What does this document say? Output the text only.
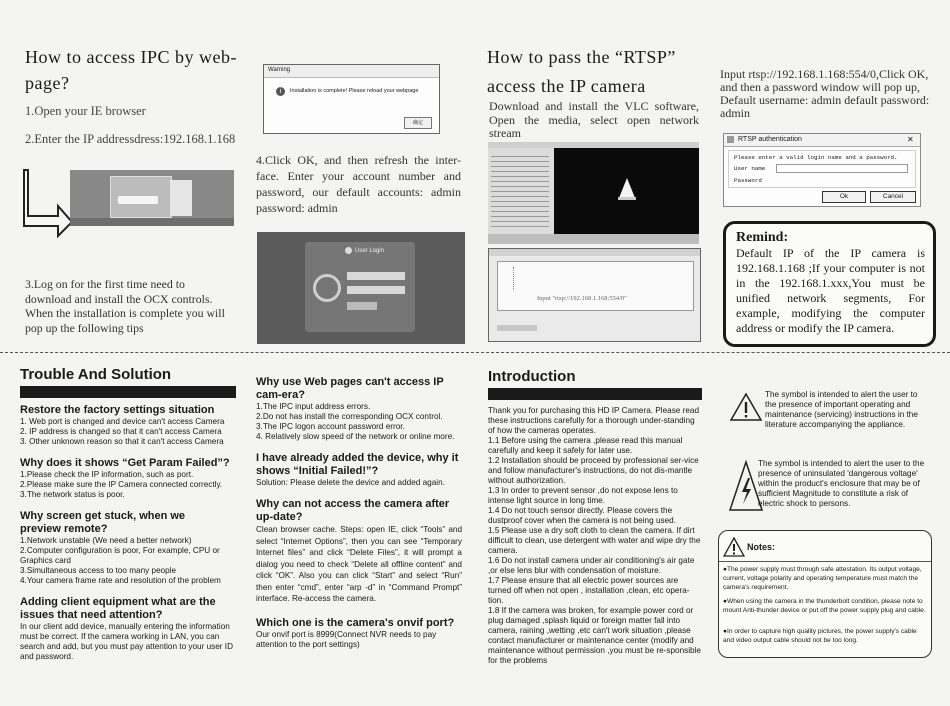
How to access IPC by web-
page?
1.Open your IE browser
2.Enter the IP addressdress:192.168.1.168
3.Log on for the first time need to download and install the OCX controls. When the installation is complete you will pop up the following tips
Warning
i	Installation is complete! Please reload your webpage
确定
4.Click OK, and then refresh the inter-face. Enter your account number and password, our default accounts: admin password: admin
User Login
How to pass the “RTSP”
access the IP camera
Download and install the VLC software, Open the media, select open network stream
Input "rtsp://192.168.1.168:554/0"
Input rtsp://192.168.1.168:554/0,Click OK, and then a password window will pop up, Default username: admin default password: admin
RTSP authentication	✕
Please enter a valid login name and a password.
User name
Password
Ok	Cancel
Remind:
Default IP of the IP camera is 192.168.1.168 ;If your computer is not in the 192.168.1.xxx,You must be unified network segments, For example, modifying the computer address or modify the IP camera.
Trouble And Solution
Restore the factory settings situation
1. Web port is changed and device can't access Camera
2. IP address is changed so that it can't access Camera
3. Other unknown reason so that it can't access Camera
Why does it shows “Get Param Failed”?
1.Please check the IP information, such as port.
2.Please make sure the IP Camera connected correctly.
3.The network status is poor.
Why screen get stuck, when we preview remote?
1.Network unstable (We need a better network)
2.Computer configuration is poor, For example, CPU or Graphics card
3.Simultaneous access to too many people
4.Your camera frame rate and resolution of the problem
Adding client equipment what are the issues that need attention?
In our client add device, manually entering the information must be correct. If the camera working in LAN, you can search and add, but you must pay attention to your user ID and password.
Why use Web pages can't access IP cam-era?
1.The IPC input address errors.
2.Do not has install the corresponding OCX control.
3.The IPC logon account password error.
4. Relatively slow speed of the network or online more.
I have already added the device, why it shows “Initial Failed!”?
Solution: Please delete the device and added again.
Why can not access the camera after up-date?
Clean browser cache. Steps: open IE, click “Tools” and select “Internet Options”, then you can see “Temporary Internet files” and click “Delete Files”, it will prompt a dialog you need to check “Delete all offline content” and click “OK”. Also you can click “Start” and select “Run” then enter “cmd”, enter “arp -d” in “Command Prompt” interface. Re-access the camera.
Which one is the camera's onvif port?
Our onvif port is 8999(Connect NVR needs to pay attention to the port settings)
Introduction
Thank you for purchasing this HD IP Camera. Please read these instructions carefully for a thorough under-standing of how the cameras operates.
1.1 Before using the camera ,please read this manual carefully and keep it safely for later use.
1.2 Installation should be proceed by professional ser-vice and follow manufacturer's instructions, do not dis-mantle without authorization.
1.3 In order to prevent sensor ,do not expose lens to intense light source in long time.
1.4 Do not touch sensor directly. Please covers the dustproof cover when the camera is not being used.
1.5 Please use a dry soft cloth to clean the camera. If dirt difficult to clean, use detergent with water and wipe dry the camera.
1.6 Do not install camera under air conditioning's air gate ,or else lens blur with condensation of moisture.
1.7 Please ensure that all electric power sources are turned off when not open , installation ,clean, etc opera-tion.
1.8 If the camera was broken, for example power cord or plug damaged ,splash liquid or foreign matter fall into camera, raining ,wetting ,etc can't work situation ,please contact manufacturer or maintenance center (modify and maintenance without permission ,you must be re-sponsible for the problems
The symbol is intended to alert the user to the presence of important operating and maintenance (servicing) instructions in the literature accompanying the appliance.
The symbol is intended to alert the user to the presence of uninsulated 'dangerous voltage' within the product's enclosure that may be of sufficient Magnitude to constitute a risk of electric shock to persons.
Notes:
●The power supply must through safe attestation. Its output voltage, current, voltage polarity and operating temperature must match the camera's requirement.
●When using the camera in the thunderbolt condition, please note to mount Anti-thunder device or put off the power supply plug and cable.
●In order to capture high quality pictures, the power supply's cable and video output cable should not be too long.
